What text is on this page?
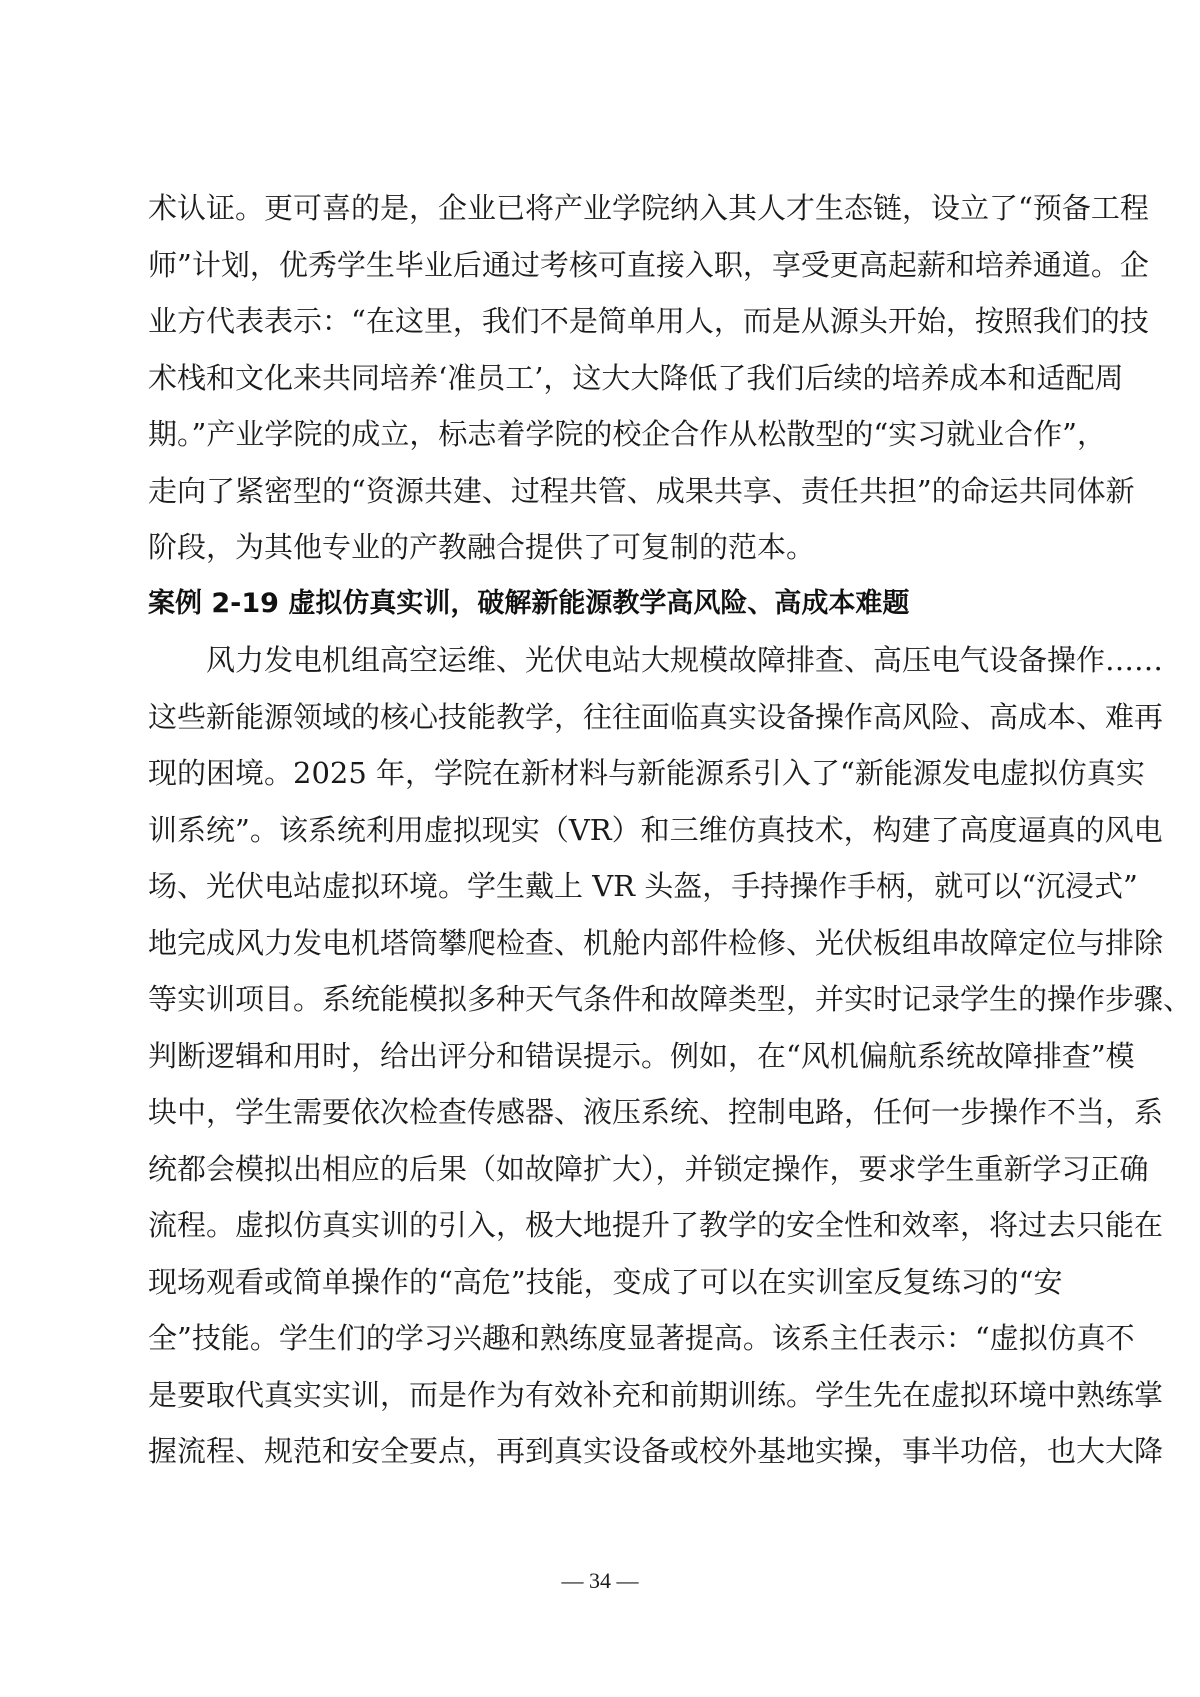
术认证。更可喜的是，企业已将产业学院纳入其人才生态链，设立了“预备工程
师”计划，优秀学生毕业后通过考核可直接入职，享受更高起薪和培养通道。企
业方代表表示：“在这里，我们不是简单用人，而是从源头开始，按照我们的技
术栈和文化来共同培养‘准员工’，这大大降低了我们后续的培养成本和适配周
期。”产业学院的成立，标志着学院的校企合作从松散型的“实习就业合作”，
走向了紧密型的“资源共建、过程共管、成果共享、责任共担”的命运共同体新
阶段，为其他专业的产教融合提供了可复制的范本。
案例 2-19 虚拟仿真实训，破解新能源教学高风险、高成本难题
　　风力发电机组高空运维、光伏电站大规模故障排查、高压电气设备操作……
这些新能源领域的核心技能教学，往往面临真实设备操作高风险、高成本、难再
现的困境。2025 年，学院在新材料与新能源系引入了“新能源发电虚拟仿真实
训系统”。该系统利用虚拟现实（VR）和三维仿真技术，构建了高度逼真的风电
场、光伏电站虚拟环境。学生戴上 VR 头盔，手持操作手柄，就可以“沉浸式”
地完成风力发电机塔筒攀爬检查、机舱内部件检修、光伏板组串故障定位与排除
等实训项目。系统能模拟多种天气条件和故障类型，并实时记录学生的操作步骤、
判断逻辑和用时，给出评分和错误提示。例如，在“风机偏航系统故障排查”模
块中，学生需要依次检查传感器、液压系统、控制电路，任何一步操作不当，系
统都会模拟出相应的后果（如故障扩大），并锁定操作，要求学生重新学习正确
流程。虚拟仿真实训的引入，极大地提升了教学的安全性和效率，将过去只能在
现场观看或简单操作的“高危”技能，变成了可以在实训室反复练习的“安
全”技能。学生们的学习兴趣和熟练度显著提高。该系主任表示：“虚拟仿真不
是要取代真实实训，而是作为有效补充和前期训练。学生先在虚拟环境中熟练掌
握流程、规范和安全要点，再到真实设备或校外基地实操，事半功倍，也大大降
— 34 —
